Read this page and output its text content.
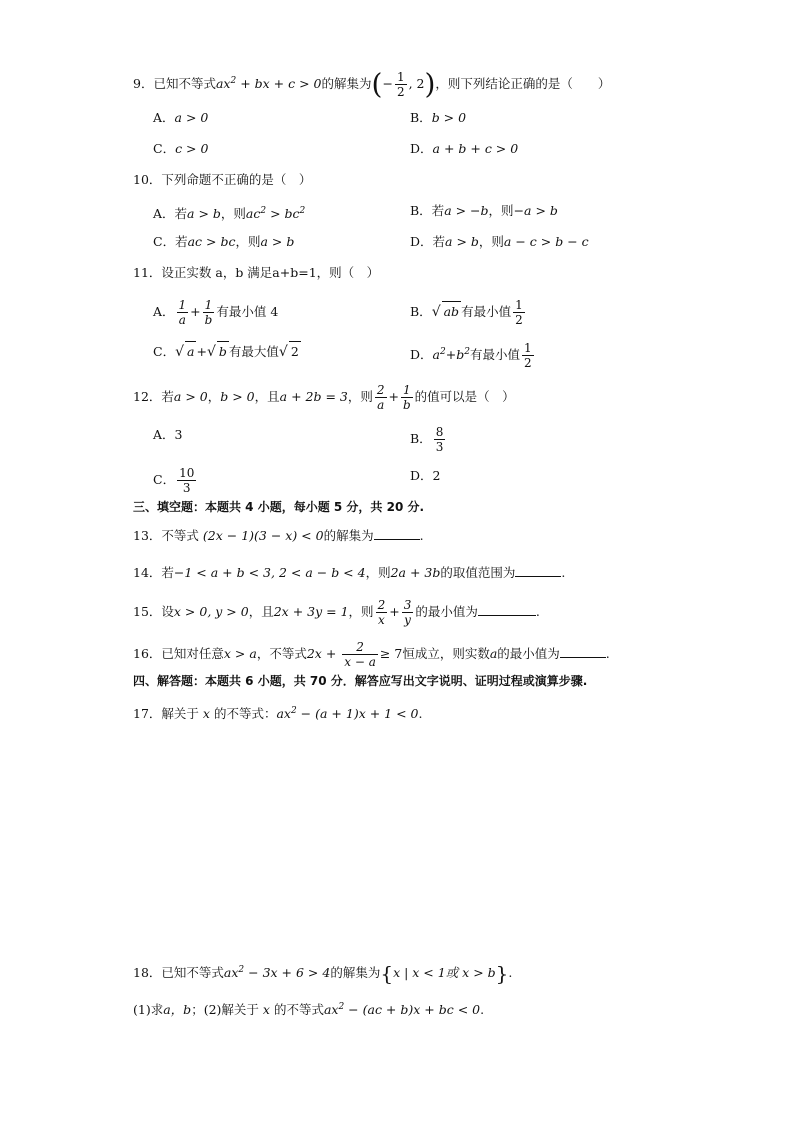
9．已知不等式$ax^2$ + bx + c > 0的解集为(− $\frac{1}{2}$ , 2)，则下列结论正确的是（　　）
A．a > 0	B．b > 0
C．c > 0	D．a + b + c > 0
10．下列命题不正确的是（　）
A．若a > b，则$ac^2 > bc^2$	B．若a > −b，则−a > b
C．若ac > bc，则a > b	D．若a > b，则a − c > b − c
11．设正实数 a，b 满足a+b=1，则（　）
A． $\frac{1}{a} + \frac{1}{b}$ 有最小值 4	B．√ ab 有最小值 $\frac{1}{2}$
C．√ a +√ b 有最大值√ 2	D．$a^2+b^2$有最小值 $\frac{1}{2}$
12．若a > 0，b > 0，且a + 2b = 3，则 $\frac{2}{a} + \frac{1}{b}$ 的值可以是（　）
A．3	B． $\frac{8}{3}$
C． $\frac{10}{3}$	D．2
三、填空题：本题共 4 小题，每小题 5 分，共 20 分.
13．不等式 (2x − 1)(3 − x) < 0的解集为	.
14．若−1 < a + b < 3, 2 < a − b < 4，则2a + 3b的取值范围为	.
15．设x > 0, y > 0，且2x + 3y = 1，则 $\frac{2}{x} + \frac{3}{y}$ 的最小值为	.
16．已知对任意x > a，不等式$2x + \frac{2}{x - a} \ge 7$恒成立，则实数a的最小值为	.
四、解答题：本题共 6 小题，共 70 分．解答应写出文字说明、证明过程或演算步骤.
17．解关于 x 的不等式：$ax^2 - (a + 1)x + 1 < 0$.
18．已知不等式$ax^2 - 3x + 6 > 4$的解集为{x | x < 1或 x > b}.
(1)求a，b；(2)解关于 x 的不等式$ax^2 - (ac + b)x$ + bc < 0.
